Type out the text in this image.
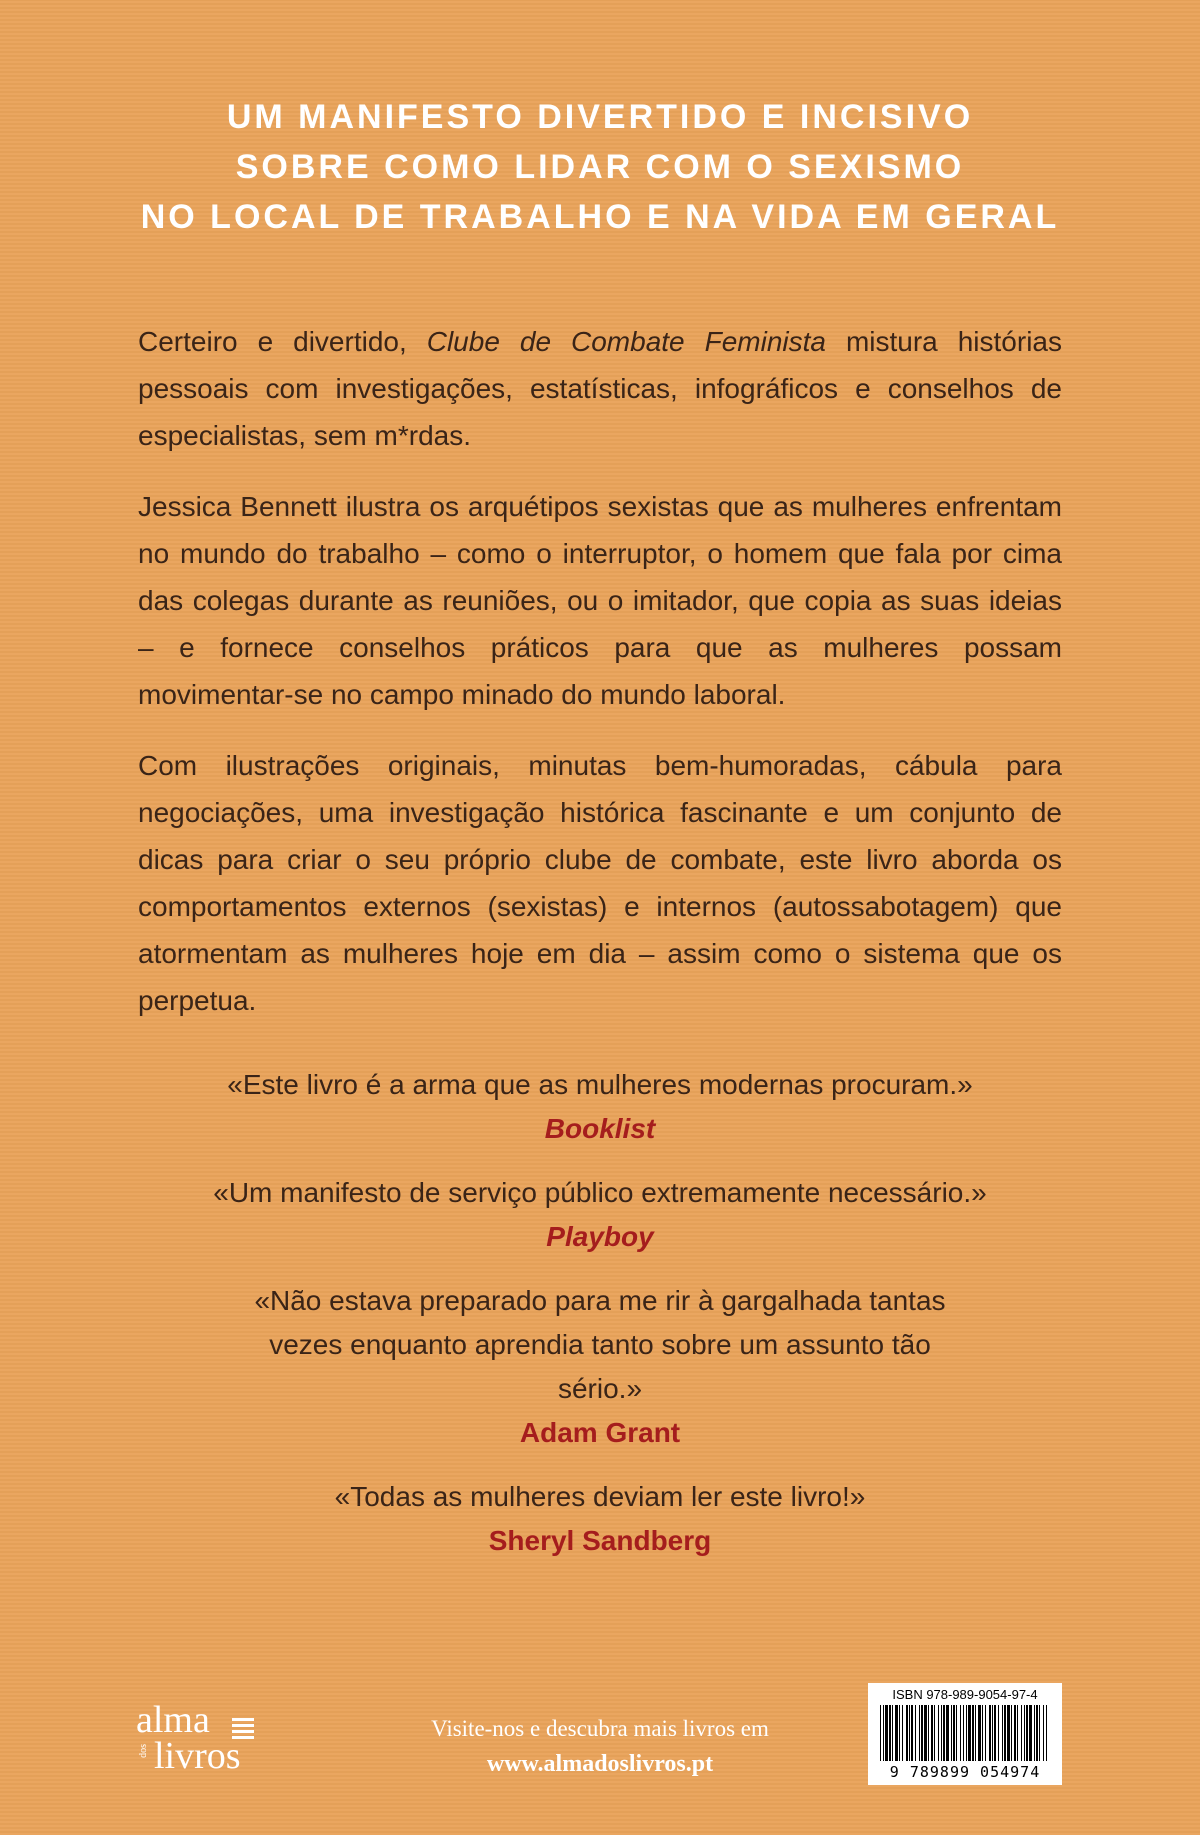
UM MANIFESTO DIVERTIDO E INCISIVO
SOBRE COMO LIDAR COM O SEXISMO
NO LOCAL DE TRABALHO E NA VIDA EM GERAL

Certeiro e divertido, Clube de Combate Feminista mistura histórias pessoais com investigações, estatísticas, infográficos e conselhos de especialistas, sem m*rdas.

Jessica Bennett ilustra os arquétipos sexistas que as mulheres enfrentam no mundo do trabalho – como o interruptor, o homem que fala por cima das colegas durante as reuniões, ou o imitador, que copia as suas ideias – e fornece conselhos práticos para que as mulheres possam movimentar-se no campo minado do mundo laboral.

Com ilustrações originais, minutas bem-humoradas, cábula para negociações, uma investigação histórica fascinante e um conjunto de dicas para criar o seu próprio clube de combate, este livro aborda os comportamentos externos (sexistas) e internos (autossabotagem) que atormentam as mulheres hoje em dia – assim como o sistema que os perpetua.

«Este livro é a arma que as mulheres modernas procuram.»
Booklist
«Um manifesto de serviço público extremamente necessário.»
Playboy
«Não estava preparado para me rir à gargalhada tantas vezes enquanto aprendia tanto sobre um assunto tão sério.»
Adam Grant
«Todas as mulheres deviam ler este livro!»
Sheryl Sandberg
alma
dos livros
Visite-nos e descubra mais livros em
www.almadoslivros.pt
ISBN 978-989-9054-97-4
9 789899 054974
